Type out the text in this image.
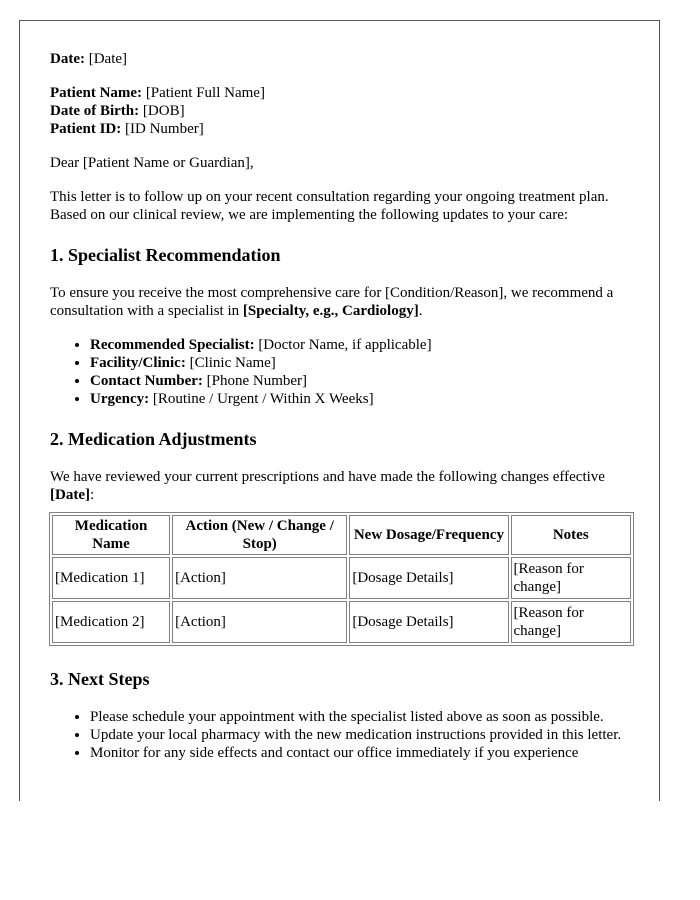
Date: [Date]

Patient Name: [Patient Full Name]

Date of Birth: [DOB]

Patient ID: [ID Number]

Dear [Patient Name or Guardian],

This letter is to follow up on your recent consultation regarding your ongoing treatment plan. Based on our clinical review, we are implementing the following updates to your care:

1. Specialist Recommendation

To ensure you receive the most comprehensive care for [Condition/Reason], we recommend a consultation with a specialist in [Specialty, e.g., Cardiology].

• Recommended Specialist: [Doctor Name, if applicable]
• Facility/Clinic: [Clinic Name]
• Contact Number: [Phone Number]
• Urgency: [Routine / Urgent / Within X Weeks]
2. Medication Adjustments

We have reviewed your current prescriptions and have made the following changes effective [Date]:

Medication Name	Action (New / Change / Stop)	New Dosage/Frequency	Notes
[Medication 1]	[Action]	[Dosage Details]	[Reason for change]
[Medication 2]	[Action]	[Dosage Details]	[Reason for change]
3. Next Steps
• Please schedule your appointment with the specialist listed above as soon as possible.
• Update your local pharmacy with the new medication instructions provided in this letter.
• Monitor for any side effects and contact our office immediately if you experience
